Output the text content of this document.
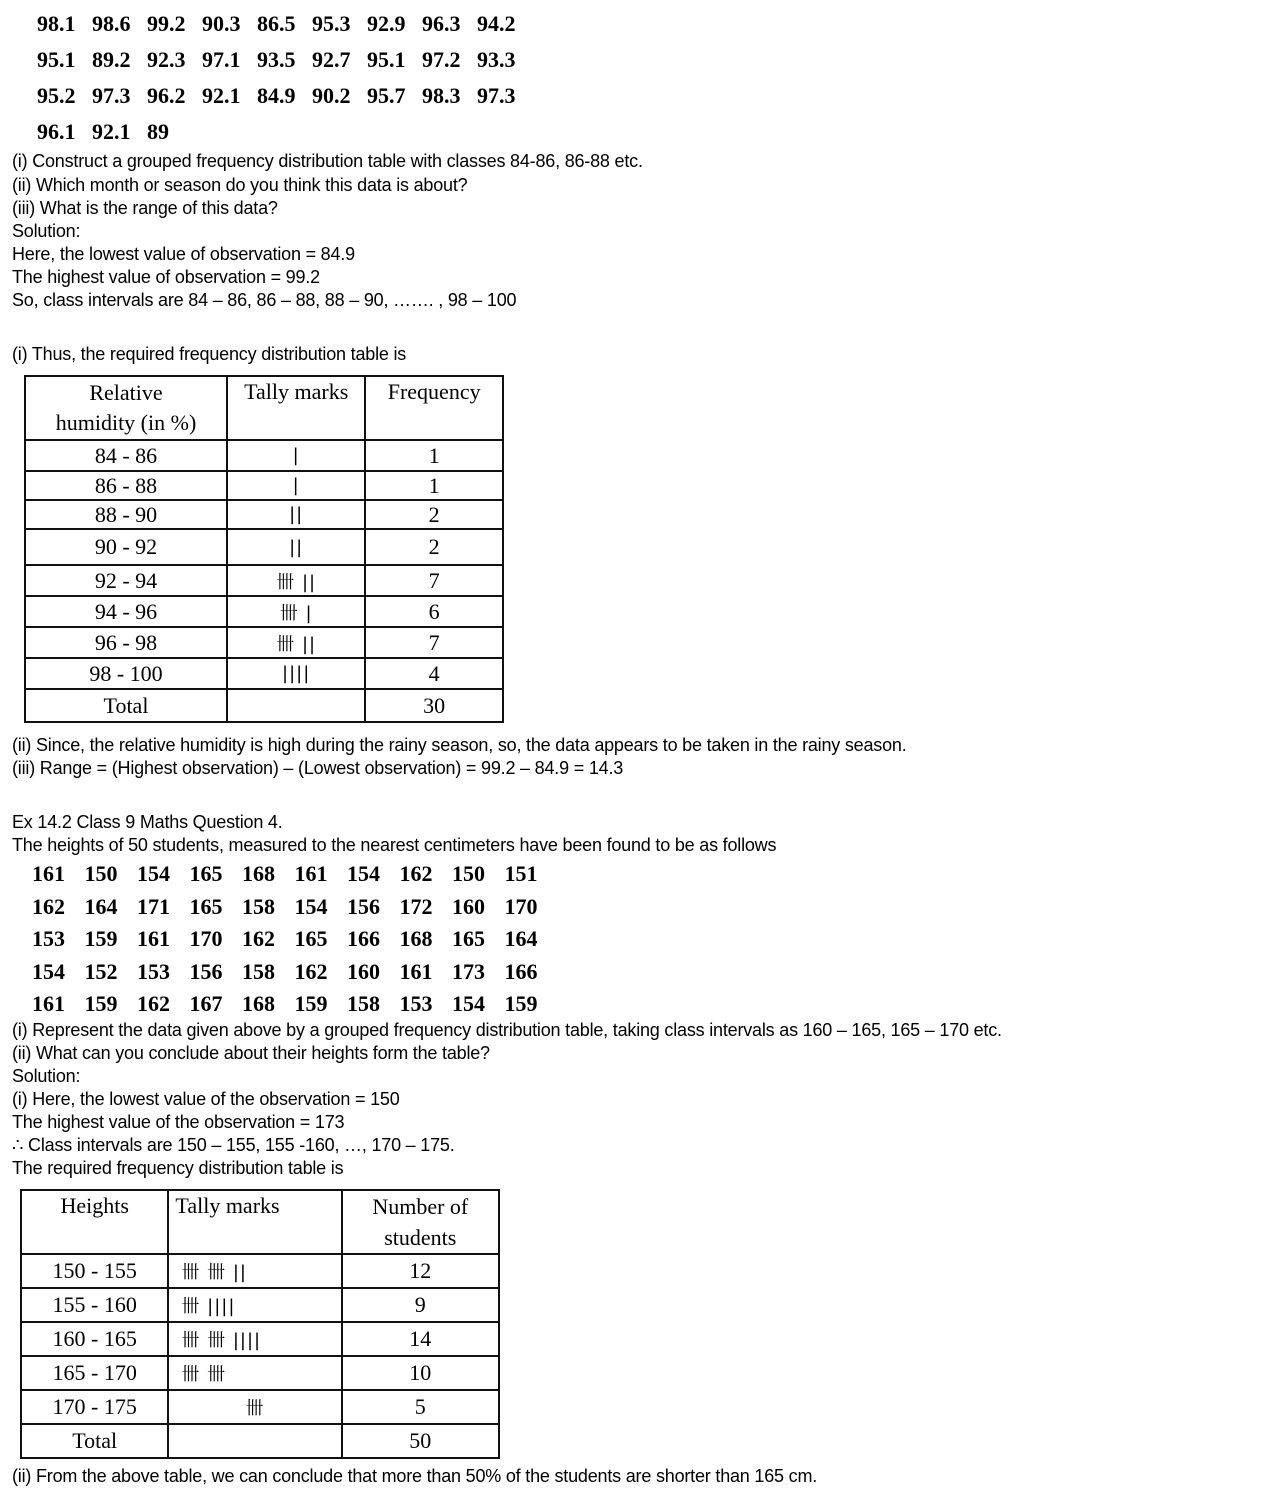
98.1 98.6 99.2 90.3 86.5 95.3 92.9 96.3 94.2
95.1 89.2 92.3 97.1 93.5 92.7 95.1 97.2 93.3
95.2 97.3 96.2 92.1 84.9 90.2 95.7 98.3 97.3
96.1 92.1 89
(i) Construct a grouped frequency distribution table with classes 84-86, 86-88 etc.
(ii) Which month or season do you think this data is about?
(iii) What is the range of this data?
Solution:
Here, the lowest value of observation = 84.9
The highest value of observation = 99.2
So, class intervals are 84 – 86, 86 – 88, 88 – 90, ……. , 98 – 100
(i) Thus, the required frequency distribution table is
Relative
humidity (in %)	Tally marks	Frequency

84 - 86	|	1
86 - 88	|	1
88 - 90	||	2
90 - 92	||	2
92 - 94	卌 ||	7
94 - 96	卌 |	6
96 - 98	卌 ||	7
98 - 100	||||	4
Total		30
(ii) Since, the relative humidity is high during the rainy season, so, the data appears to be taken in the rainy season.
(iii) Range = (Highest observation) – (Lowest observation) = 99.2 – 84.9 = 14.3
Ex 14.2 Class 9 Maths Question 4.
The heights of 50 students, measured to the nearest centimeters have been found to be as follows
161 150 154 165 168 161 154 162 150 151
162 164 171 165 158 154 156 172 160 170
153 159 161 170 162 165 166 168 165 164
154 152 153 156 158 162 160 161 173 166
161 159 162 167 168 159 158 153 154 159
(i) Represent the data given above by a grouped frequency distribution table, taking class intervals as 160 – 165, 165 – 170 etc.
(ii) What can you conclude about their heights form the table?
Solution:
(i) Here, the lowest value of the observation = 150
The highest value of the observation = 173
∴ Class intervals are 150 – 155, 155 -160, …, 170 – 175.
The required frequency distribution table is
Heights	Tally marks	Number of
students

150 - 155	卌 卌 ||	12
155 - 160	卌 ||||	9
160 - 165	卌 卌 ||||	14
165 - 170	卌 卌	10
170 - 175	卌	5
Total		50
(ii) From the above table, we can conclude that more than 50% of the students are shorter than 165 cm.
